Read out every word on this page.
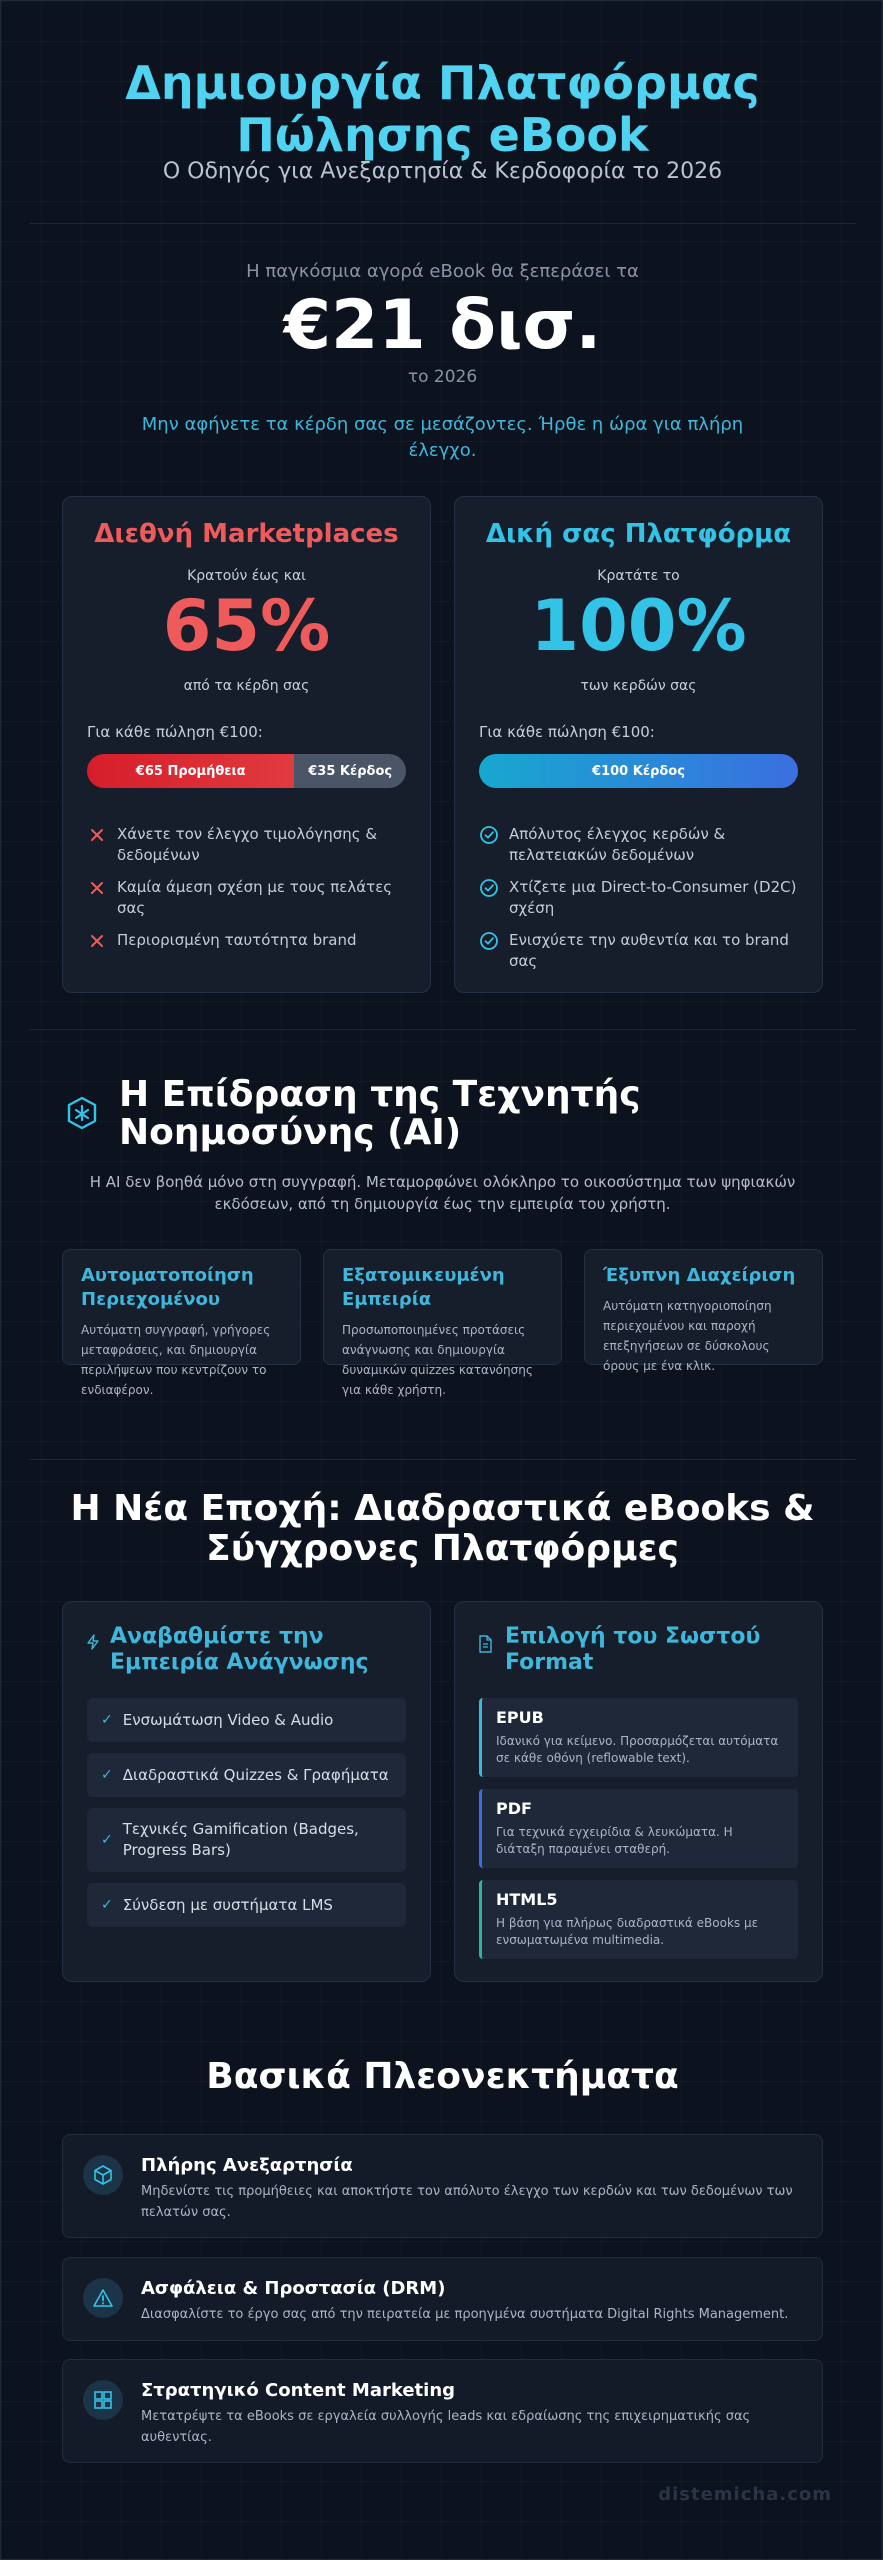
Δημιουργία Πλατφόρμας
Πώλησης eBook
Ο Οδηγός για Ανεξαρτησία & Κερδοφορία το 2026
Η παγκόσμια αγορά eBook θα ξεπεράσει τα
€21 δισ.
το 2026
Μην αφήνετε τα κέρδη σας σε μεσάζοντες. Ήρθε η ώρα για πλήρη έλεγχο.
Διεθνή Marketplaces
Κρατούν έως και
65%
από τα κέρδη σας
Για κάθε πώληση €100:
€65 Προμήθεια	€35 Κέρδος
Χάνετε τον έλεγχο τιμολόγησης & δεδομένων
Καμία άμεση σχέση με τους πελάτες σας
Περιορισμένη ταυτότητα brand
Δική σας Πλατφόρμα
Κρατάτε το
100%
των κερδών σας
Για κάθε πώληση €100:
€100 Κέρδος
Απόλυτος έλεγχος κερδών & πελατειακών δεδομένων
Χτίζετε μια Direct-to-Consumer (D2C) σχέση
Ενισχύετε την αυθεντία και το brand σας
Η Επίδραση της Τεχνητής
Νοημοσύνης (AI)
Η AI δεν βοηθά μόνο στη συγγραφή. Μεταμορφώνει ολόκληρο το οικοσύστημα των ψηφιακών εκδόσεων, από τη δημιουργία έως την εμπειρία του χρήστη.
Αυτοματοποίηση Περιεχομένου
Αυτόματη συγγραφή, γρήγορες μεταφράσεις, και δημιουργία περιλήψεων που κεντρίζουν το ενδιαφέρον.
Εξατομικευμένη Εμπειρία
Προσωποποιημένες προτάσεις ανάγνωσης και δημιουργία δυναμικών quizzes κατανόησης για κάθε χρήστη.
Έξυπνη Διαχείριση
Αυτόματη κατηγοριοποίηση περιεχομένου και παροχή επεξηγήσεων σε δύσκολους όρους με ένα κλικ.
Η Νέα Εποχή: Διαδραστικά eBooks &
Σύγχρονες Πλατφόρμες
Αναβαθμίστε την Εμπειρία Ανάγνωσης
✓ Ενσωμάτωση Video & Audio
✓ Διαδραστικά Quizzes & Γραφήματα
✓
Τεχνικές Gamification (Badges, Progress Bars)
✓ Σύνδεση με συστήματα LMS
Επιλογή του Σωστού Format
EPUB
Ιδανικό για κείμενο. Προσαρμόζεται αυτόματα σε κάθε οθόνη (reflowable text).
PDF
Για τεχνικά εγχειρίδια & λευκώματα. Η διάταξη παραμένει σταθερή.
HTML5
Η βάση για πλήρως διαδραστικά eBooks με ενσωματωμένα multimedia.
Βασικά Πλεονεκτήματα
Πλήρης Ανεξαρτησία
Μηδενίστε τις προμήθειες και αποκτήστε τον απόλυτο έλεγχο των κερδών και των δεδομένων των πελατών σας.
Ασφάλεια & Προστασία (DRM)
Διασφαλίστε το έργο σας από την πειρατεία με προηγμένα συστήματα Digital Rights Management.
Στρατηγικό Content Marketing
Μετατρέψτε τα eBooks σε εργαλεία συλλογής leads και εδραίωσης της επιχειρηματικής σας αυθεντίας.
distemicha.com
